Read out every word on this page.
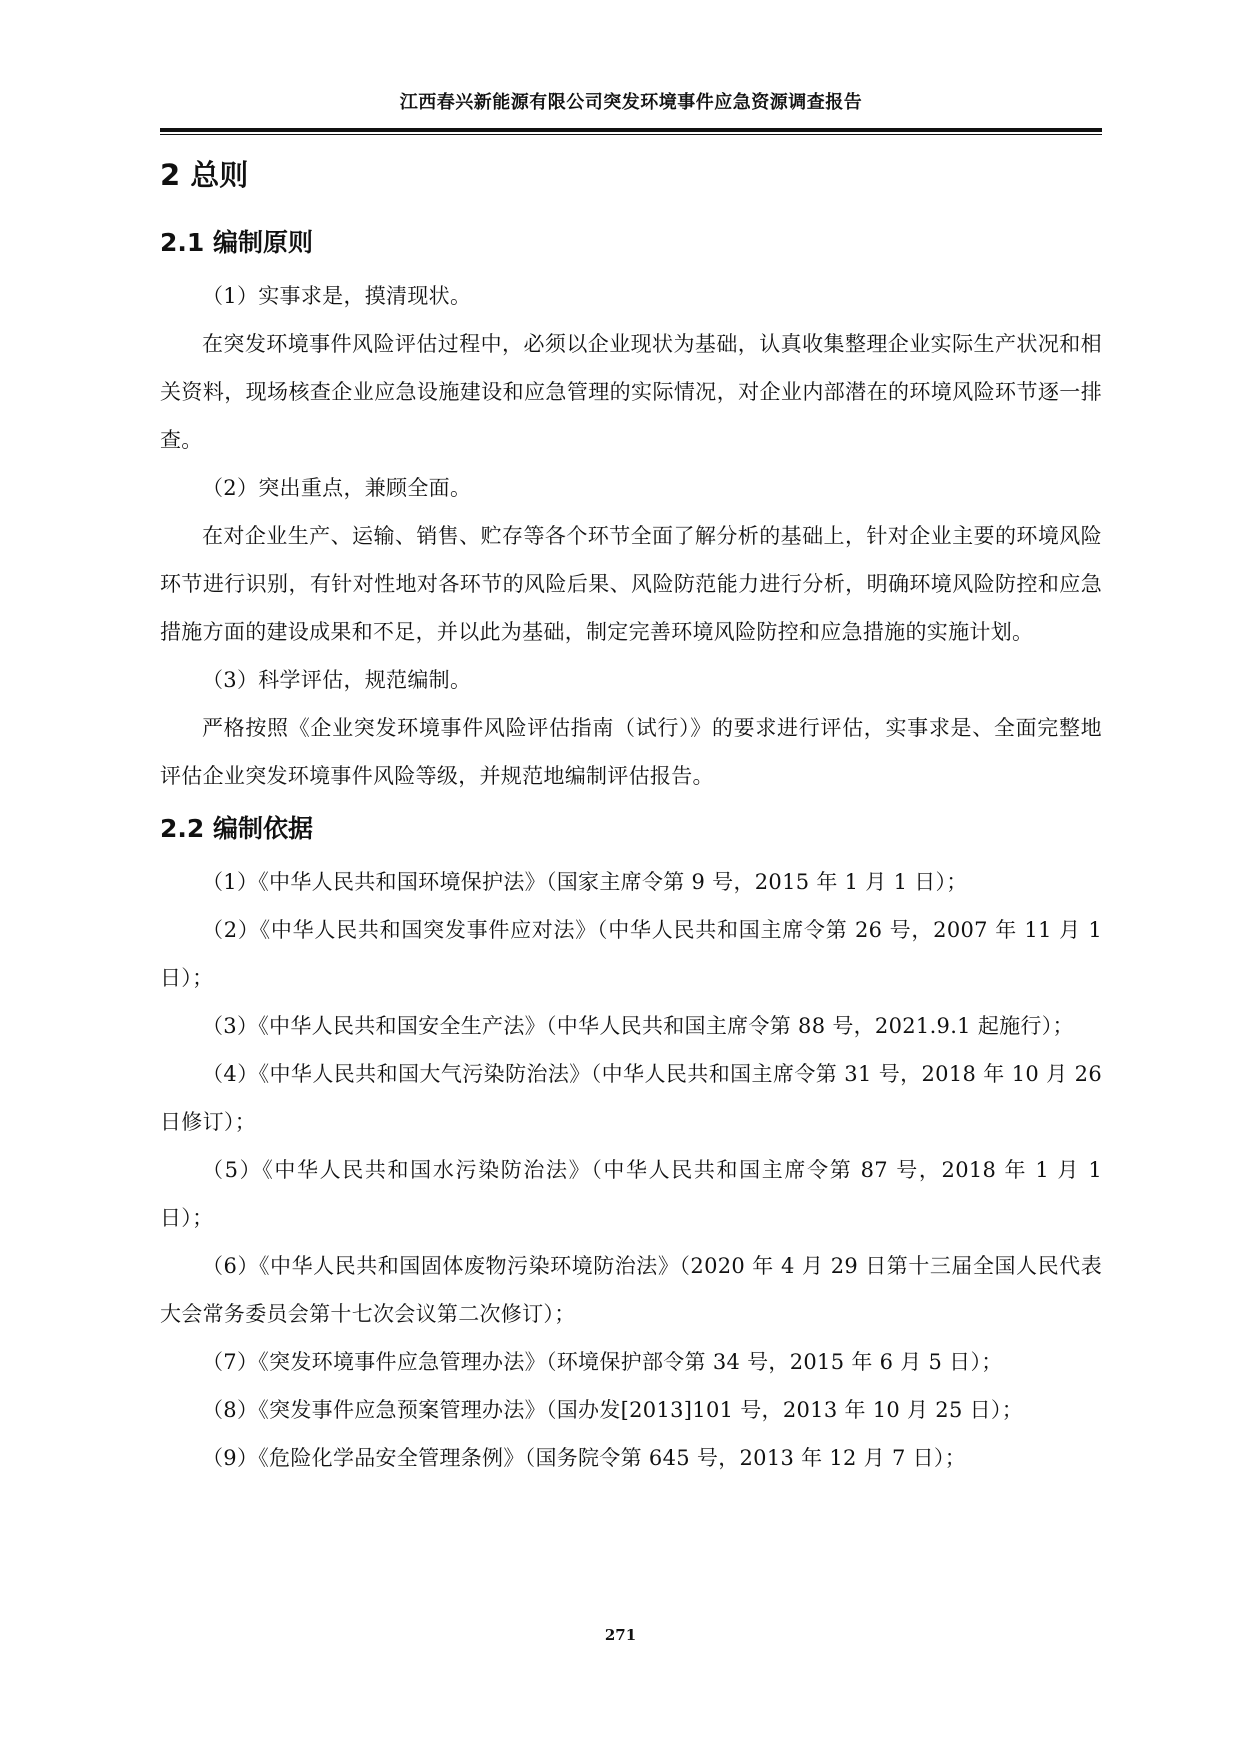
江西春兴新能源有限公司突发环境事件应急资源调查报告
2 总则
2.1 编制原则

（1）实事求是，摸清现状。

在突发环境事件风险评估过程中，必须以企业现状为基础，认真收集整理企业实际生产状况和相关资料，现场核查企业应急设施建设和应急管理的实际情况，对企业内部潜在的环境风险环节逐一排查。

（2）突出重点，兼顾全面。

在对企业生产、运输、销售、贮存等各个环节全面了解分析的基础上，针对企业主要的环境风险环节进行识别，有针对性地对各环节的风险后果、风险防范能力进行分析，明确环境风险防控和应急措施方面的建设成果和不足，并以此为基础，制定完善环境风险防控和应急措施的实施计划。

（3）科学评估，规范编制。

严格按照《企业突发环境事件风险评估指南（试行）》的要求进行评估，实事求是、全面完整地评估企业突发环境事件风险等级，并规范地编制评估报告。

2.2 编制依据

（1）《中华人民共和国环境保护法》（国家主席令第 9 号，2015 年 1 月 1 日）；

（2）《中华人民共和国突发事件应对法》（中华人民共和国主席令第 26 号，2007 年 11 月 1 日）；

（3）《中华人民共和国安全生产法》（中华人民共和国主席令第 88 号，2021.9.1 起施行）；

（4）《中华人民共和国大气污染防治法》（中华人民共和国主席令第 31 号，2018 年 10 月 26 日修订）；

（5）《中华人民共和国水污染防治法》（中华人民共和国主席令第 87 号，2018 年 1 月 1 日）；

（6）《中华人民共和国固体废物污染环境防治法》（2020 年 4 月 29 日第十三届全国人民代表大会常务委员会第十七次会议第二次修订）；

（7）《突发环境事件应急管理办法》（环境保护部令第 34 号，2015 年 6 月 5 日）；

（8）《突发事件应急预案管理办法》（国办发[2013]101 号，2013 年 10 月 25 日）；

（9）《危险化学品安全管理条例》（国务院令第 645 号，2013 年 12 月 7 日）；

271
